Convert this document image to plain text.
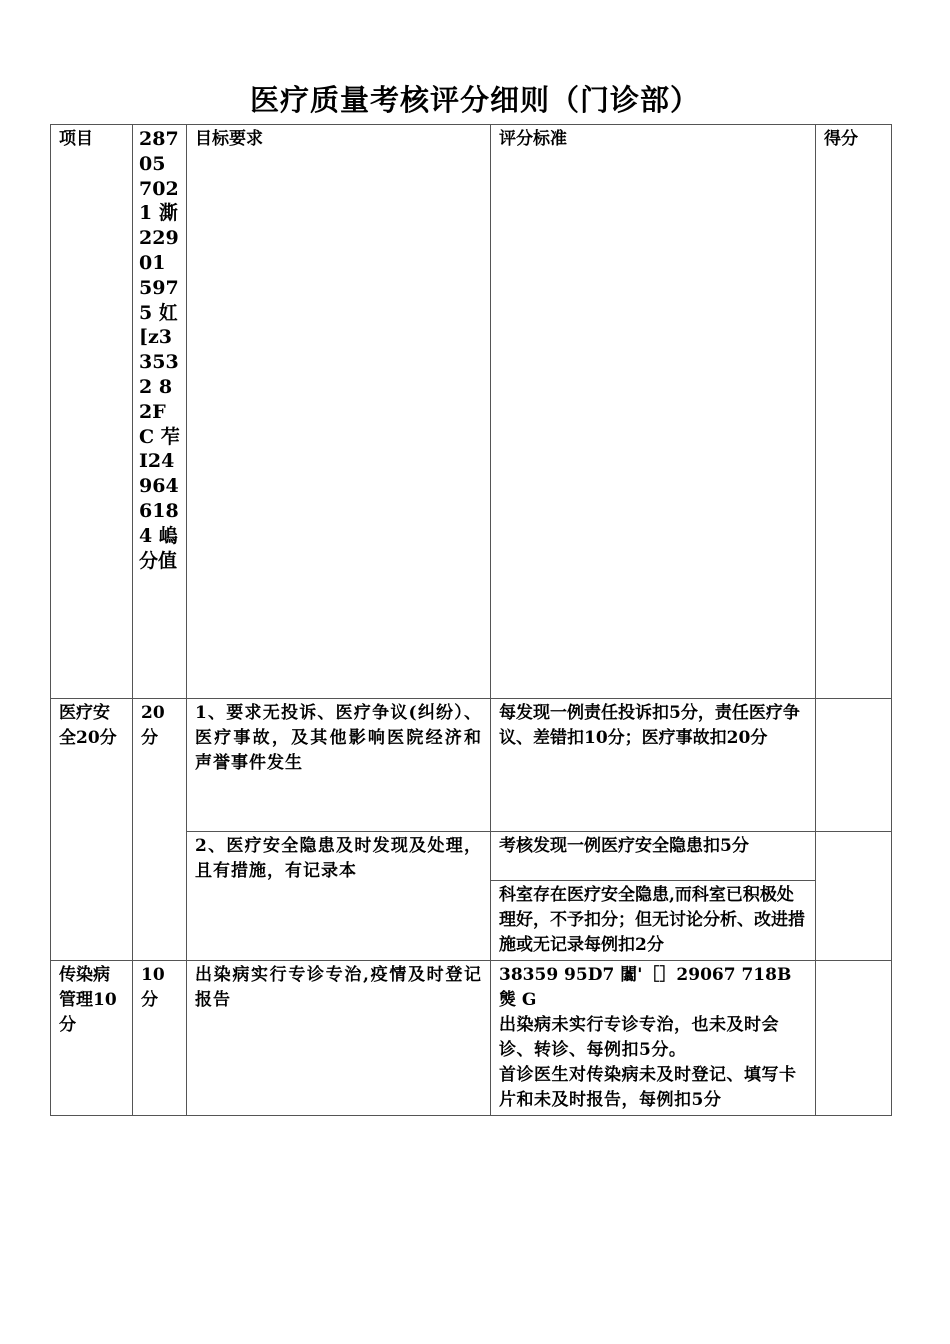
医疗质量考核评分细则（门诊部）
项目	28705 7021 澌 22901 5975 妅 [z3 3532 82FC 苲 I24 964618 4 嵨 分值	目标要求	评分标准	得分
医疗安全20分	20分	1、要求无投诉、医疗争议(纠纷）、医疗事故，及其他影响医院经济和声誉事件发生	每发现一例责任投诉扣5分，责任医疗争议、差错扣10分；医疗事故扣20分	
		2、医疗安全隐患及时发现及处理，且有措施，有记录本	考核发现一例医疗安全隐患扣5分
科室存在医疗安全隐患,而科室已积极处理好，不予扣分；但无讨论分析、改进措施或无记录每例扣2分	

传染病管理10分	10分	出染病实行专诊专治,疫情及时登记报告	38359 95D7 闟'［］29067 718B 熋 G
出染病未实行专诊专治，也未及时会诊、转诊、每例扣5分。
首诊医生对传染病未及时登记、填写卡片和未及时报告，每例扣5分	
